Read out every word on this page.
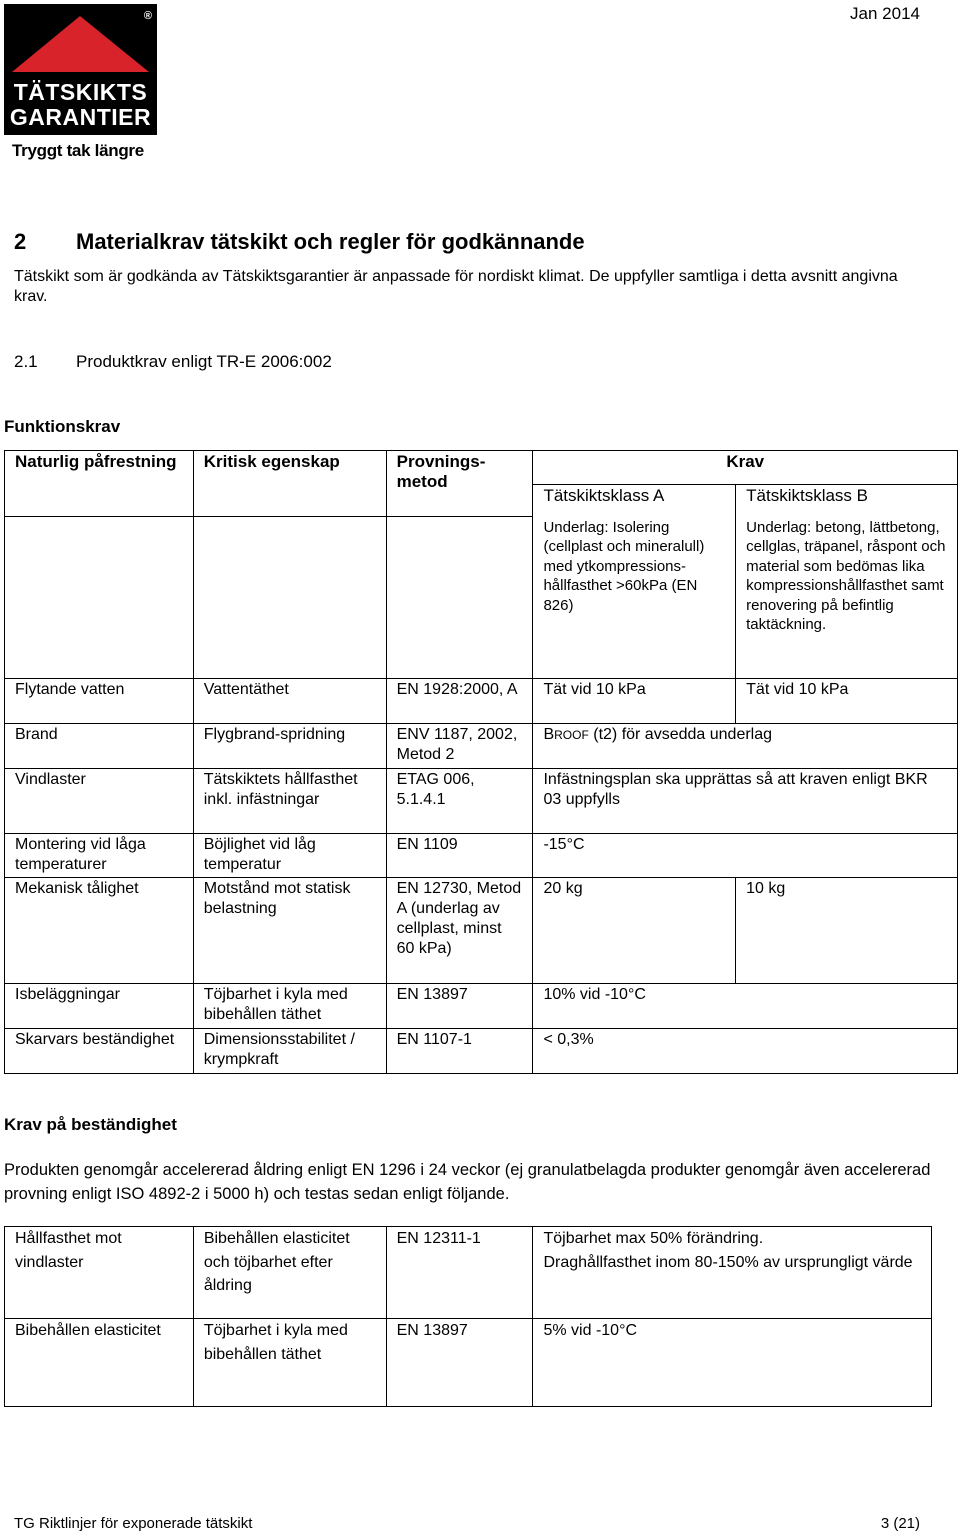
®
TÄTSKIKTS
GARANTIER
Tryggt tak längre
Jan 2014
2 Materialkrav tätskikt och regler för godkännande
Tätskikt som är godkända av Tätskiktsgarantier är anpassade för nordiskt klimat. De uppfyller samtliga i detta avsnitt angivna krav.
2.1 Produktkrav enligt TR-E 2006:002
Funktionskrav
Naturlig påfrestning	Kritisk egenskap	Provnings- metod	Krav	
			Tätskiktsklass A	Tätskiktsklass B
			Underlag: Isolering (cellplast och mineralull) med ytkompressions-hållfasthet >60kPa (EN 826)	Underlag: betong, lättbetong, cellglas, träpanel, råspont och material som bedömas lika kompressionshållfasthet samt renovering på befintlig taktäckning.
Flytande vatten	Vattentäthet	EN 1928:2000, A	Tät vid 10 kPa	Tät vid 10 kPa
Brand	Flygbrand-spridning	ENV 1187, 2002, Metod 2	BROOF (t2) för avsedda underlag	
Vindlaster	Tätskiktets hållfasthet inkl. infästningar	ETAG 006, 5.1.4.1	Infästningsplan ska upprättas så att kraven enligt BKR 03 uppfylls	
Montering vid låga temperaturer	Böjlighet vid låg temperatur	EN 1109	-15°C	
Mekanisk tålighet	Motstånd mot statisk belastning	EN 12730, Metod A (underlag av cellplast, minst 60 kPa)	20 kg	10 kg
Isbeläggningar	Töjbarhet i kyla med bibehållen täthet	EN 13897	10% vid -10°C	
Skarvars beständighet	Dimensionsstabilitet / krympkraft	EN 1107-1	< 0,3%	
Krav på beständighet
Produkten genomgår accelererad åldring enligt EN 1296 i 24 veckor (ej granulatbelagda produkter genomgår även accelererad provning enligt ISO 4892-2 i 5000 h) och testas sedan enligt följande.
Hållfasthet mot vindlaster	Bibehållen elasticitet och töjbarhet efter åldring	EN 12311-1	Töjbarhet max 50% förändring.
Draghållfasthet inom 80-150% av ursprungligt värde

Bibehållen elasticitet	Töjbarhet i kyla med bibehållen täthet	EN 13897	5% vid -10°C
TG Riktlinjer för exponerade tätskikt	3 (21)
